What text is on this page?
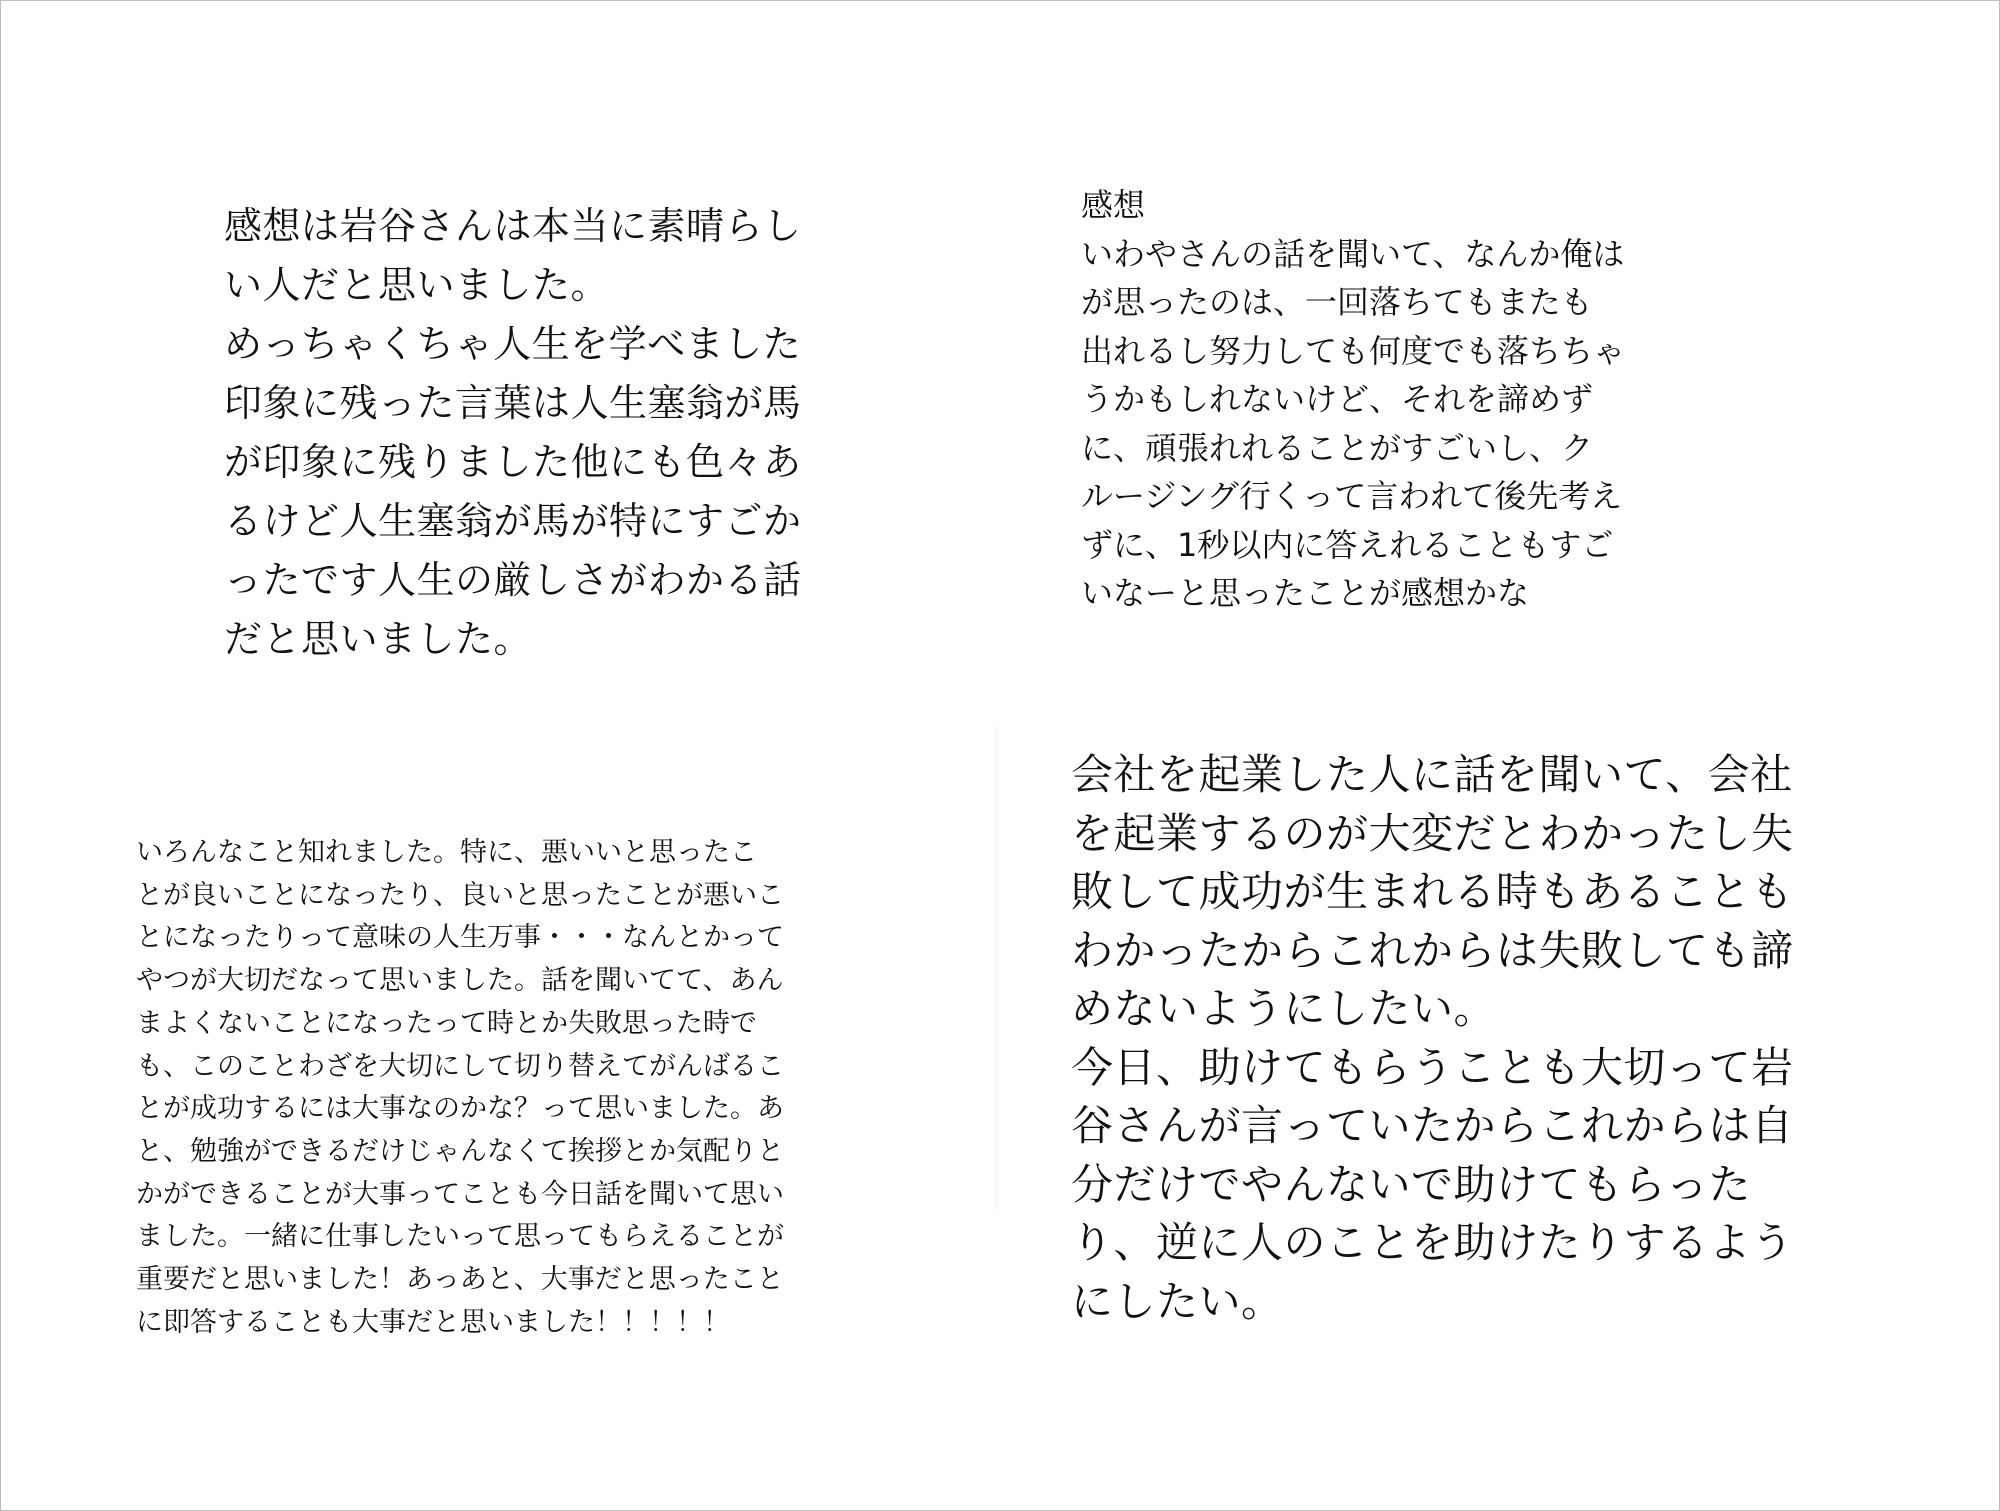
感想は岩谷さんは本当に素晴らし
い人だと思いました。
めっちゃくちゃ人生を学べました
印象に残った言葉は人生塞翁が馬
が印象に残りました他にも色々あ
るけど人生塞翁が馬が特にすごか
ったです人生の厳しさがわかる話
だと思いました。
感想
いわやさんの話を聞いて、なんか俺は
が思ったのは、一回落ちてもまたも
出れるし努力しても何度でも落ちちゃ
うかもしれないけど、それを諦めず
に、頑張れれることがすごいし、ク
ルージング行くって言われて後先考え
ずに、1秒以内に答えれることもすご
いなーと思ったことが感想かな
いろんなこと知れました。特に、悪いいと思ったこ
とが良いことになったり、良いと思ったことが悪いこ
とになったりって意味の人生万事・・・なんとかって
やつが大切だなって思いました。話を聞いてて、あん
まよくないことになったって時とか失敗思った時で
も、このことわざを大切にして切り替えてがんばるこ
とが成功するには大事なのかな？って思いました。あ
と、勉強ができるだけじゃんなくて挨拶とか気配りと
かができることが大事ってことも今日話を聞いて思い
ました。一緒に仕事したいって思ってもらえることが
重要だと思いました！あっあと、大事だと思ったこと
に即答することも大事だと思いました！！！！！
会社を起業した人に話を聞いて、会社
を起業するのが大変だとわかったし失
敗して成功が生まれる時もあることも
わかったからこれからは失敗しても諦
めないようにしたい。
今日、助けてもらうことも大切って岩
谷さんが言っていたからこれからは自
分だけでやんないで助けてもらった
り、逆に人のことを助けたりするよう
にしたい。
